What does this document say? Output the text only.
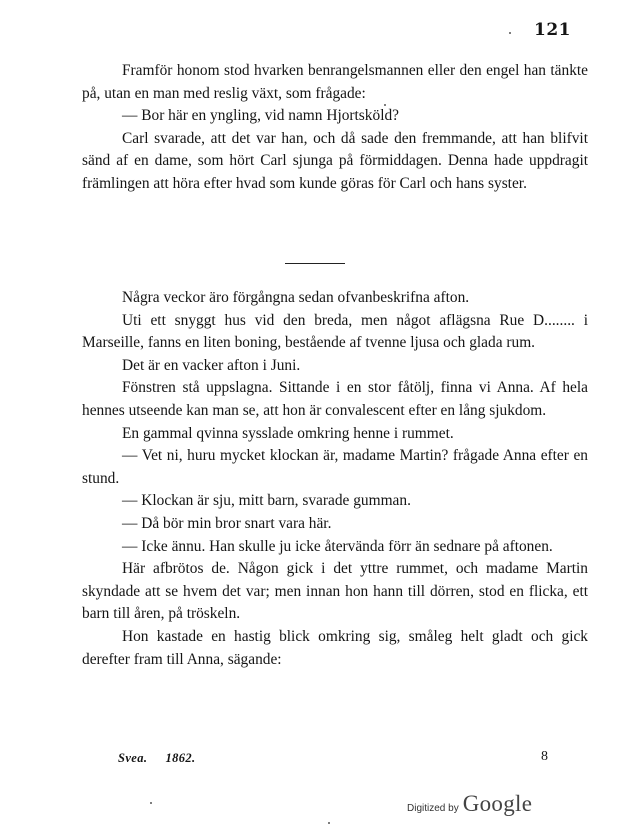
121

Framför honom stod hvarken benrangelsmannen eller den engel han tänkte på, utan en man med reslig växt, som frågade:

— Bor här en yngling, vid namn Hjortsköld?

Carl svarade, att det var han, och då sade den fremmande, att han blifvit sänd af en dame, som hört Carl sjunga på förmiddagen. Denna hade uppdragit främlingen att höra efter hvad som kunde göras för Carl och hans syster.

Några veckor äro förgångna sedan ofvanbeskrifna afton.

Uti ett snyggt hus vid den breda, men något aflägsna Rue D........ i Marseille, fanns en liten boning, bestående af tvenne ljusa och glada rum.

Det är en vacker afton i Juni.

Fönstren stå uppslagna. Sittande i en stor fåtölj, finna vi Anna. Af hela hennes utseende kan man se, att hon är convalescent efter en lång sjukdom.

En gammal qvinna sysslade omkring henne i rummet.

— Vet ni, huru mycket klockan är, madame Martin? frågade Anna efter en stund.

— Klockan är sju, mitt barn, svarade gumman.

— Då bör min bror snart vara här.

— Icke ännu. Han skulle ju icke återvända förr än sednare på aftonen.

Här afbrötos de. Någon gick i det yttre rummet, och madame Martin skyndade att se hvem det var; men innan hon hann till dörren, stod en flicka, ett barn till åren, på tröskeln.

Hon kastade en hastig blick omkring sig, småleg helt gladt och gick derefter fram till Anna, sägande:

Svea. 1862.	8
Digitized by Google
